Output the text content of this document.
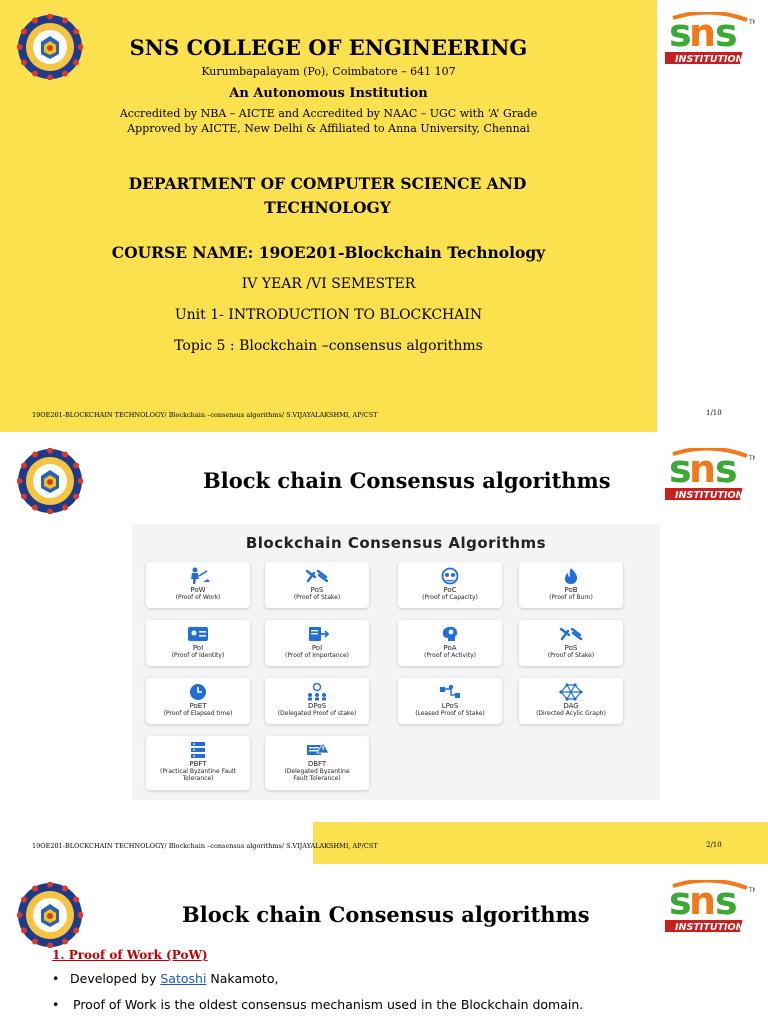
SNS COLLEGE OF ENGINEERING
Kurumbapalayam (Po), Coimbatore – 641 107
An Autonomous Institution
Accredited by NBA – AICTE and Accredited by NAAC – UGC with ‘A’ Grade
Approved by AICTE, New Delhi & Affiliated to Anna University, Chennai
DEPARTMENT OF COMPUTER SCIENCE AND TECHNOLOGY
COURSE NAME: 19OE201-Blockchain Technology
IV YEAR /VI SEMESTER
Unit 1- INTRODUCTION TO BLOCKCHAIN
Topic 5 : Blockchain –consensus algorithms
19OE201-BLOCKCHAIN TECHNOLOGY/ Blockchain –consensus algorithms/ S.VIJAYALAKSHMI, AP/CST	1/10
Block chain Consensus algorithms
19OE201-BLOCKCHAIN TECHNOLOGY/ Blockchain –consensus algorithms/ S.VIJAYALAKSHMI, AP/CST	2/10
Blockchain Consensus Algorithms
PoW
(Proof of Work)
PoS
(Proof of Stake)
PoC
(Proof of Capacity)
PoB
(Proof of Burn)
PoI
(Proof of Identity)
PoI
(Proof of Importance)
PoA
(Proof of Activity)
PoS
(Proof of Stake)
PoET
(Proof of Elapsed time)
DPoS
(Delegated Proof of stake)
LPoS
(Leased Proof of Stake)
DAG
(Directed Acylic Graph)
PBFT
(Practical Byzantine Fault Tolerance)
DBFT
(Delegated Byzantine Fault Tolerance)
Block chain Consensus algorithms
1. Proof of Work (PoW)
• Developed by Satoshi Nakamoto,
• Proof of Work is the oldest consensus mechanism used in the Blockchain domain.
